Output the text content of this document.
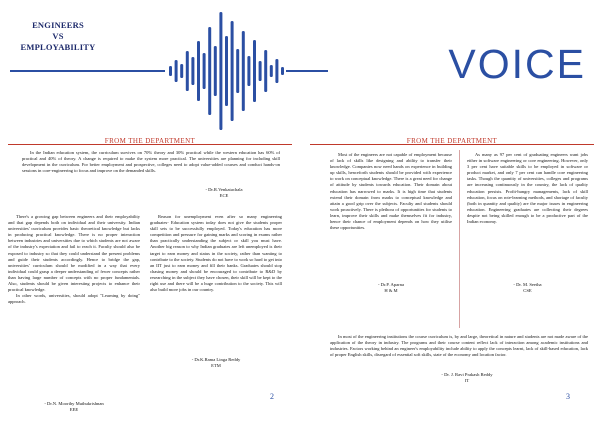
ENGINEERS
VS
EMPLOYABILITY	VOICE
FROM THE DEPARTMENT

In the Indian education system, the curriculum survives on 70% theory and 30% practical while the western education has 60% of practical and 40% of theory. A change is required to make the system more practical. The universities are planning for including skill development in the curriculum. For better employment and prospective, colleges need to adopt value-added courses and conduct hands-on sessions in core-engineering to focus and improve on the demanded skills.

- Dr.R.Venkatachala
ECE

There's a growing gap between engineers and their employability and that gap depends both on individual and their university. Indian universities' curriculum provides basic theoretical knowledge but lacks in producing practical knowledge. There is no proper interaction between industries and universities due to which students are not aware of the industry's expectation and fail to reach it. Faculty should also be exposed to industry so that they could understand the present problems and guide their students accordingly. Hence to bridge the gap, universities' curriculum should be modified in a way that every individual could grasp a deeper understanding of fewer concepts rather than having large number of concepts with no proper fundamentals. Also, students should be given interesting projects to enhance their practical knowledge.

In other words, universities, should adopt "Learning by doing" approach.

- Dr.N. Moorthy Muthukrishnan
EEE

Reason for unemployment even after so many engineering graduates- Education system today does not give the students proper skill sets to be successfully employed. Today's education has more competition and pressure for gaining marks and scoring in exams rather than practically understanding the subject or skill you must have. Another big reason to why Indian graduates are left unemployed is their target to earn money and status in the society, rather than wanting to contribute to the society. Students do not have to work so hard to get into an IIT just to earn money and fill their banks. Graduates should stop chasing money and should be encouraged to contribute to R&D by researching in the subject they have chosen, their skill will be kept to the right use and there will be a huge contribution to the society. This will also build more jobs in our country.

- Dr.K.Rama Linga Reddy
ETM
2
FROM THE DEPARTMENT

Most of the engineers are not capable of employment because of lack of skills like designing and ability to transfer their knowledge. Companies now need hands on experience in building up skills, henceforth students should be provided with experience to work on conceptual knowledge. There is a great need for change of attitude by students towards education. Their domain about education has narrowed to marks. It is high time that students extend their domain from marks to conceptual knowledge and attain a good grip over the subjects. Faculty and students should work proactively. There is plethora of opportunities for students to learn, improve their skills and make themselves fit for industry, hence their chance of employment depends on how they utilise these opportunities.

- Dr.P. Aparna
H & M

As many as 97 per cent of graduating engineers want jobs either in software engineering or core engineering. However, only 3 per cent have suitable skills to be employed in software or product market, and only 7 per cent can handle core engineering tasks. Though the quantity of universities, colleges and programs are increasing continuously in the country, the lack of quality education persists. Profit-hungry managements, lack of skill education, focus on rote-learning methods, and shortage of faculty (both in quantity and quality) are the major issues in engineering education. Engineering graduates are collecting their degrees despite not being skilled enough to be a productive part of the Indian economy.

- Dr. M. Seetha
CSE

In most of the engineering institutions the course curriculum is, by and large, theoretical in nature and students are not made aware of the application of the theory in industry. The programs and their course content reflect lack of interaction among academic institutions and industries. Factors working behind an engineer's employability include ability to apply the concepts learnt, lack of skill-based education, lack of proper English skills, disregard of essential soft skills, state of the economy and location factor.

- Dr. J. Ravi Prakash Reddy
IT
3
